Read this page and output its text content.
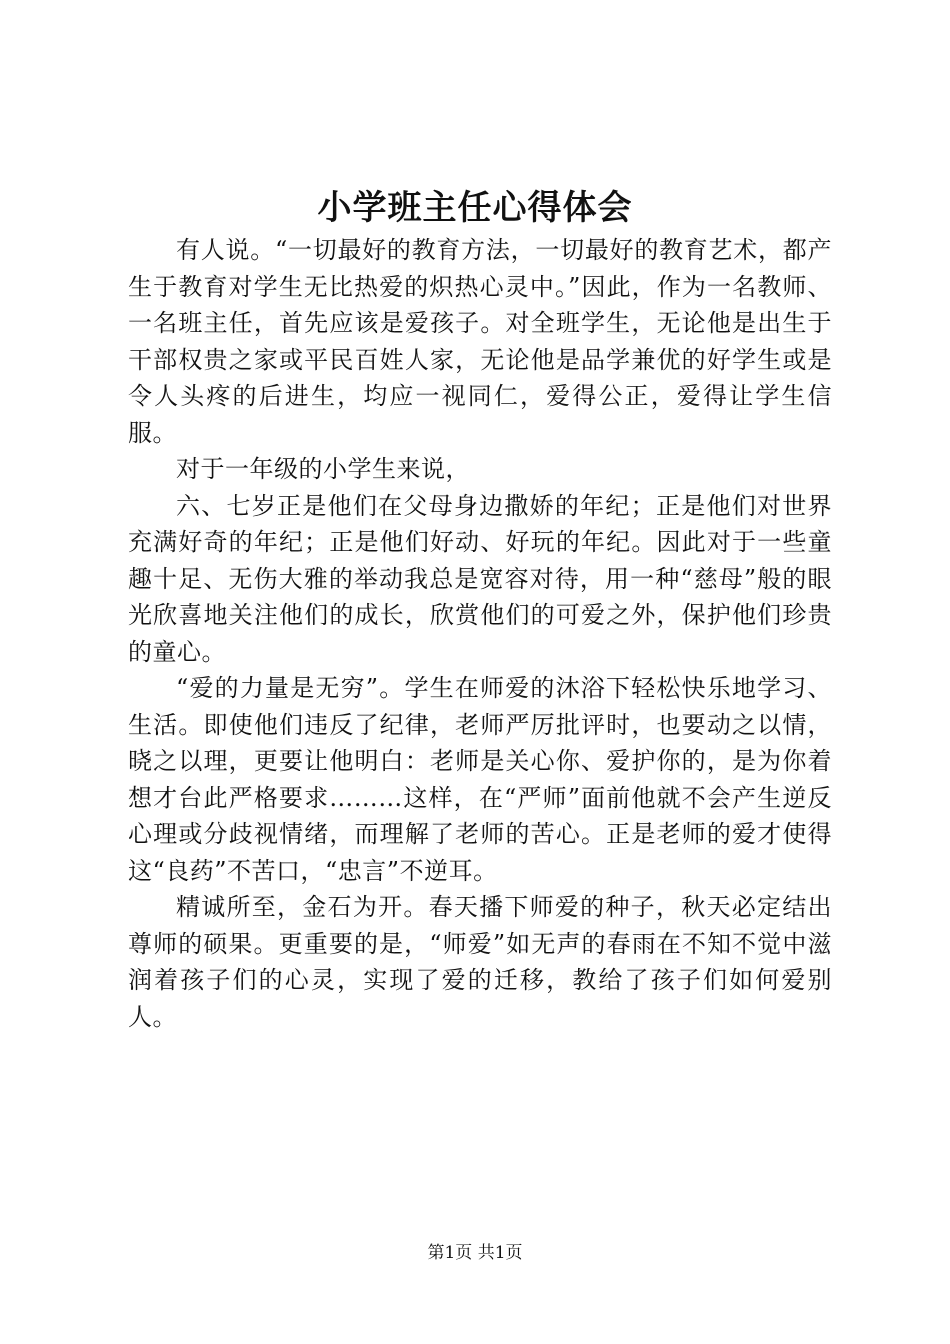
小学班主任心得体会

有人说。“一切最好的教育方法，一切最好的教育艺术，都产生于教育对学生无比热爱的炽热心灵中。”因此，作为一名教师、一名班主任，首先应该是爱孩子。对全班学生，无论他是出生于干部权贵之家或平民百姓人家，无论他是品学兼优的好学生或是令人头疼的后进生，均应一视同仁，爱得公正，爱得让学生信服。

对于一年级的小学生来说，

六、七岁正是他们在父母身边撒娇的年纪；正是他们对世界充满好奇的年纪；正是他们好动、好玩的年纪。因此对于一些童趣十足、无伤大雅的举动我总是宽容对待，用一种“慈母”般的眼光欣喜地关注他们的成长，欣赏他们的可爱之外，保护他们珍贵的童心。

“爱的力量是无穷”。学生在师爱的沐浴下轻松快乐地学习、生活。即使他们违反了纪律，老师严厉批评时，也要动之以情，晓之以理，更要让他明白：老师是关心你、爱护你的，是为你着想才台此严格要求………这样，在“严师”面前他就不会产生逆反心理或分歧视情绪，而理解了老师的苦心。正是老师的爱才使得这“良药”不苦口，“忠言”不逆耳。

精诚所至，金石为开。春天播下师爱的种子，秋天必定结出尊师的硕果。更重要的是，“师爱”如无声的春雨在不知不觉中滋润着孩子们的心灵，实现了爱的迁移，教给了孩子们如何爱别人。

第1页 共1页
